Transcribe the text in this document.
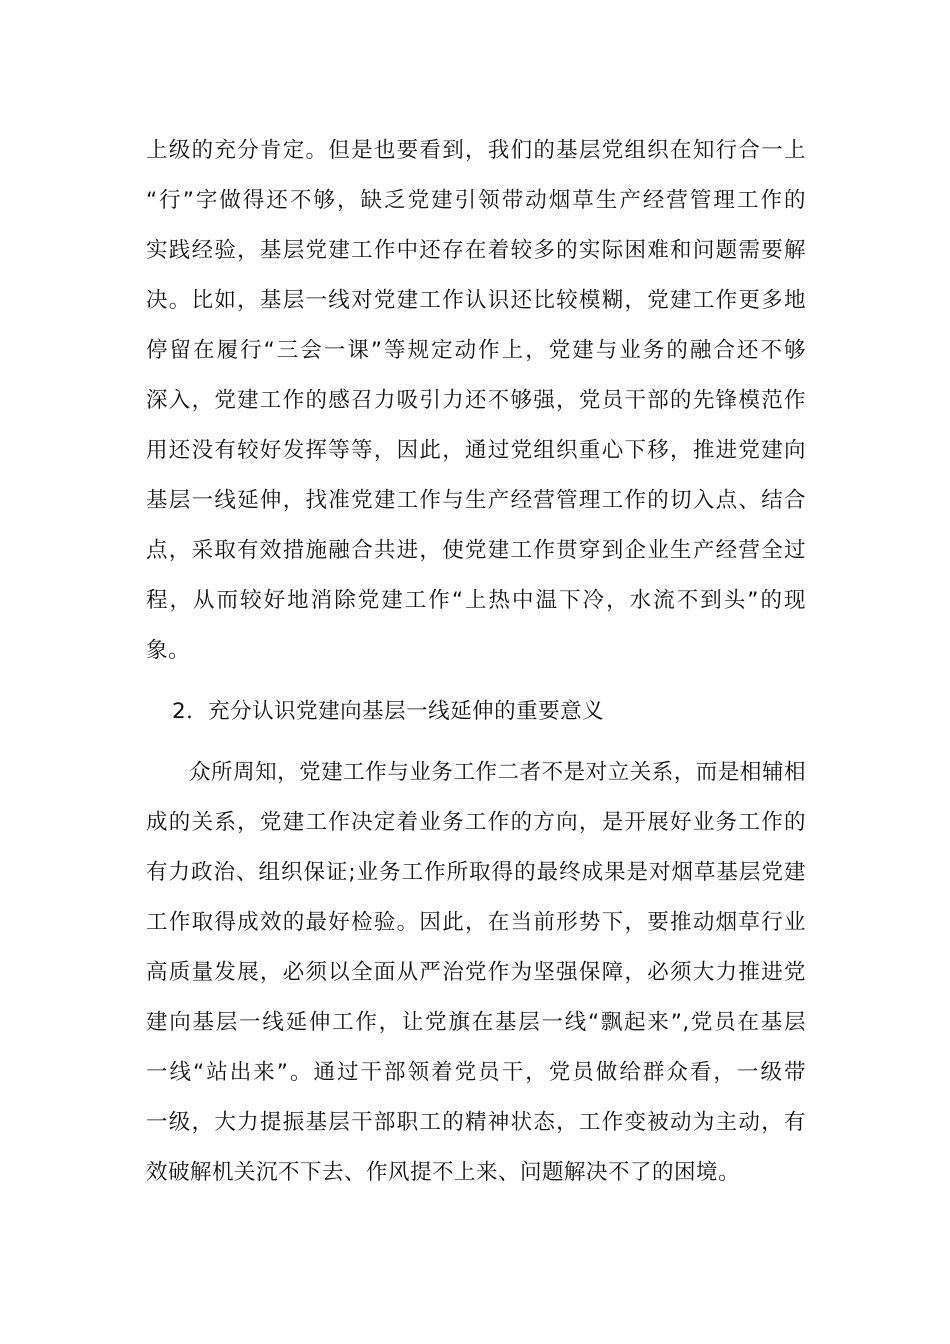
上级的充分肯定。但是也要看到，我们的基层党组织在知行合一上
“行”字做得还不够，缺乏党建引领带动烟草生产经营管理工作的
实践经验，基层党建工作中还存在着较多的实际困难和问题需要解
决。比如，基层一线对党建工作认识还比较模糊，党建工作更多地
停留在履行“三会一课”等规定动作上，党建与业务的融合还不够
深入，党建工作的感召力吸引力还不够强，党员干部的先锋模范作
用还没有较好发挥等等，因此，通过党组织重心下移，推进党建向
基层一线延伸，找准党建工作与生产经营管理工作的切入点、结合
点，采取有效措施融合共进，使党建工作贯穿到企业生产经营全过
程，从而较好地消除党建工作“上热中温下冷，水流不到头”的现
象。
2．充分认识党建向基层一线延伸的重要意义
众所周知，党建工作与业务工作二者不是对立关系，而是相辅相
成的关系，党建工作决定着业务工作的方向，是开展好业务工作的
有力政治、组织保证;业务工作所取得的最终成果是对烟草基层党建
工作取得成效的最好检验。因此，在当前形势下，要推动烟草行业
高质量发展，必须以全面从严治党作为坚强保障，必须大力推进党
建向基层一线延伸工作，让党旗在基层一线“飘起来”,党员在基层
一线“站出来”。通过干部领着党员干，党员做给群众看，一级带
一级，大力提振基层干部职工的精神状态，工作变被动为主动，有
效破解机关沉不下去、作风提不上来、问题解决不了的困境。
